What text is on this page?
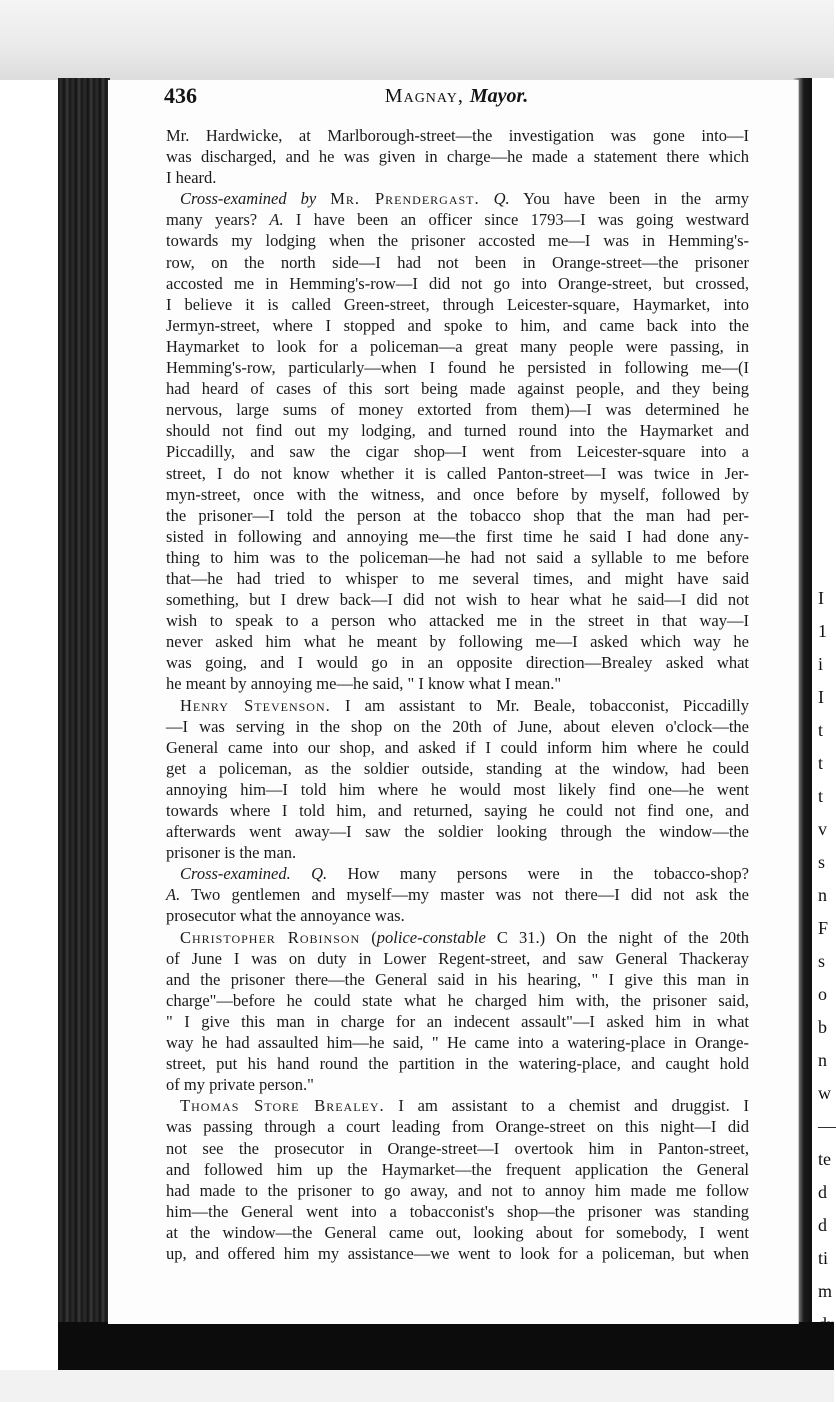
I
1
i
I
t
t
t
v
s
n
F
s
o
b
n
w
—
te
d
d
ti
m
436	Magnay, Mayor.
Mr. Hardwicke, at Marlborough-street—the investigation was gone into—I
was discharged, and he was given in charge—he made a statement there which
I heard.
Cross-examined by Mr. Prendergast. Q. You have been in the army
many years? A. I have been an officer since 1793—I was going westward
towards my lodging when the prisoner accosted me—I was in Hemming's-
row, on the north side—I had not been in Orange-street—the prisoner
accosted me in Hemming's-row—I did not go into Orange-street, but crossed,
I believe it is called Green-street, through Leicester-square, Haymarket, into
Jermyn-street, where I stopped and spoke to him, and came back into the
Haymarket to look for a policeman—a great many people were passing, in
Hemming's-row, particularly—when I found he persisted in following me—(I
had heard of cases of this sort being made against people, and they being
nervous, large sums of money extorted from them)—I was determined he
should not find out my lodging, and turned round into the Haymarket and
Piccadilly, and saw the cigar shop—I went from Leicester-square into a
street, I do not know whether it is called Panton-street—I was twice in Jer-
myn-street, once with the witness, and once before by myself, followed by
the prisoner—I told the person at the tobacco shop that the man had per-
sisted in following and annoying me—the first time he said I had done any-
thing to him was to the policeman—he had not said a syllable to me before
that—he had tried to whisper to me several times, and might have said
something, but I drew back—I did not wish to hear what he said—I did not
wish to speak to a person who attacked me in the street in that way—I
never asked him what he meant by following me—I asked which way he
was going, and I would go in an opposite direction—Brealey asked what
he meant by annoying me—he said, " I know what I mean."
Henry Stevenson. I am assistant to Mr. Beale, tobacconist, Piccadilly
—I was serving in the shop on the 20th of June, about eleven o'clock—the
General came into our shop, and asked if I could inform him where he could
get a policeman, as the soldier outside, standing at the window, had been
annoying him—I told him where he would most likely find one—he went
towards where I told him, and returned, saying he could not find one, and
afterwards went away—I saw the soldier looking through the window—the
prisoner is the man.
Cross-examined. Q. How many persons were in the tobacco-shop?
A. Two gentlemen and myself—my master was not there—I did not ask the
prosecutor what the annoyance was.
Christopher Robinson (police-constable C 31.) On the night of the 20th
of June I was on duty in Lower Regent-street, and saw General Thackeray
and the prisoner there—the General said in his hearing, " I give this man in
charge"—before he could state what he charged him with, the prisoner said,
" I give this man in charge for an indecent assault"—I asked him in what
way he had assaulted him—he said, " He came into a watering-place in Orange-
street, put his hand round the partition in the watering-place, and caught hold
of my private person."
Thomas Store Brealey. I am assistant to a chemist and druggist. I
was passing through a court leading from Orange-street on this night—I did
not see the prosecutor in Orange-street—I overtook him in Panton-street,
and followed him up the Haymarket—the frequent application the General
had made to the prisoner to go away, and not to annoy him made me follow
him—the General went into a tobacconist's shop—the prisoner was standing
at the window—the General came out, looking about for somebody, I went
up, and offered him my assistance—we went to look for a policeman, but when
